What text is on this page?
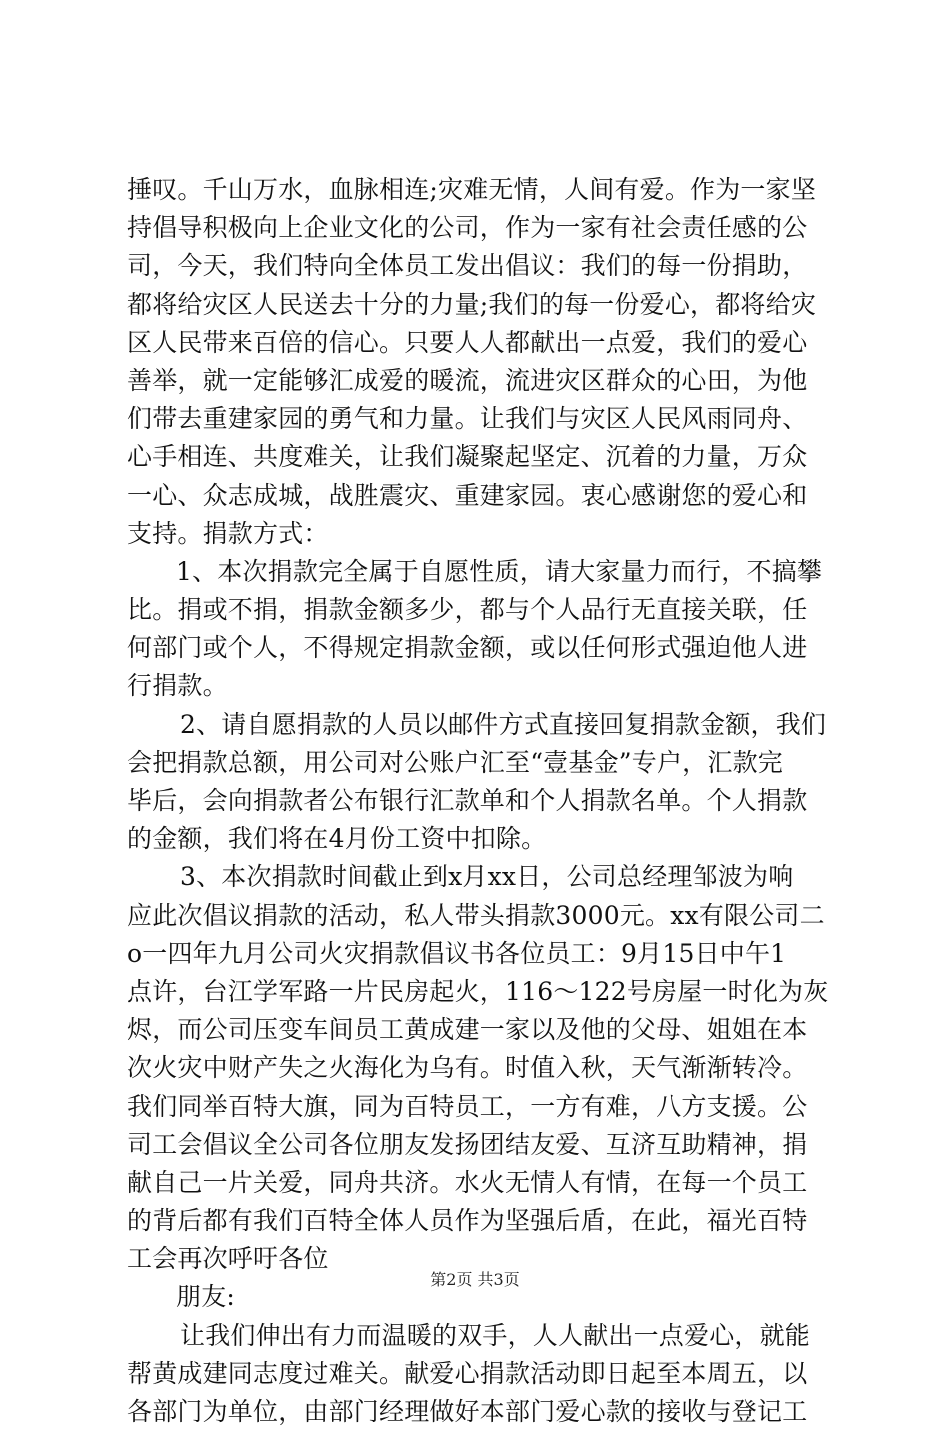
捶叹。千山万水，血脉相连;灾难无情，人间有爱。作为一家坚
持倡导积极向上企业文化的公司，作为一家有社会责任感的公
司，今天，我们特向全体员工发出倡议：我们的每一份捐助，
都将给灾区人民送去十分的力量;我们的每一份爱心，都将给灾
区人民带来百倍的信心。只要人人都献出一点爱，我们的爱心
善举，就一定能够汇成爱的暖流，流进灾区群众的心田，为他
们带去重建家园的勇气和力量。让我们与灾区人民风雨同舟、
心手相连、共度难关，让我们凝聚起坚定、沉着的力量，万众
一心、众志成城，战胜震灾、重建家园。衷心感谢您的爱心和
支持。捐款方式：
1、本次捐款完全属于自愿性质，请大家量力而行，不搞攀
比。捐或不捐，捐款金额多少，都与个人品行无直接关联，任
何部门或个人，不得规定捐款金额，或以任何形式强迫他人进
行捐款。
2、请自愿捐款的人员以邮件方式直接回复捐款金额，我们
会把捐款总额，用公司对公账户汇至“壹基金”专户，汇款完
毕后，会向捐款者公布银行汇款单和个人捐款名单。个人捐款
的金额，我们将在4月份工资中扣除。
3、本次捐款时间截止到x月xx日，公司总经理邹波为响
应此次倡议捐款的活动，私人带头捐款3000元。xx有限公司二
o一四年九月公司火灾捐款倡议书各位员工：9月15日中午1
点许，台江学军路一片民房起火，116～122号房屋一时化为灰
烬，而公司压变车间员工黄成建一家以及他的父母、姐姐在本
次火灾中财产失之火海化为乌有。时值入秋，天气渐渐转冷。
我们同举百特大旗，同为百特员工，一方有难，八方支援。公
司工会倡议全公司各位朋友发扬团结友爱、互济互助精神，捐
献自己一片关爱，同舟共济。水火无情人有情，在每一个员工
的背后都有我们百特全体人员作为坚强后盾，在此，福光百特
工会再次呼吁各位
朋友:
让我们伸出有力而温暖的双手，人人献出一点爱心，就能
帮黄成建同志度过难关。献爱心捐款活动即日起至本周五，以
各部门为单位，由部门经理做好本部门爱心款的接收与登记工
第2页 共3页
